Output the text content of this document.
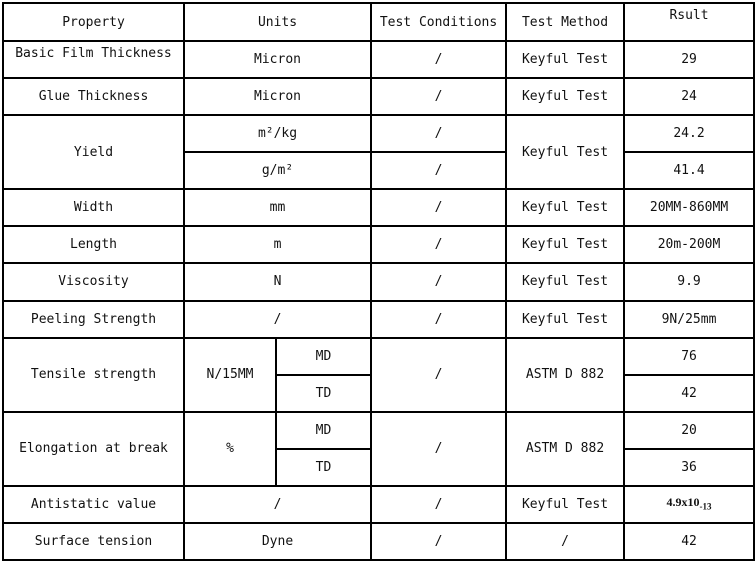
Property	Units		Test Conditions	Test Method	Rsult
Basic Film Thickness	Micron		/	Keyful Test	29
Glue Thickness	Micron		/	Keyful Test	24
Yield	m²/kg		/	Keyful Test	24.2
	g/m²		/		41.4
Width	mm		/	Keyful Test	20MM-860MM
Length	m		/	Keyful Test	20m-200M
Viscosity	N		/	Keyful Test	9.9
Peeling Strength	/		/	Keyful Test	9N/25mm
Tensile strength	N/15MM	MD	/	ASTM D 882	76
		TD			42
Elongation at break	%	MD	/	ASTM D 882	20
		TD			36
Antistatic value	/		/	Keyful Test	$4.9x10_{-13}$
Surface tension	Dyne		/	/	42
